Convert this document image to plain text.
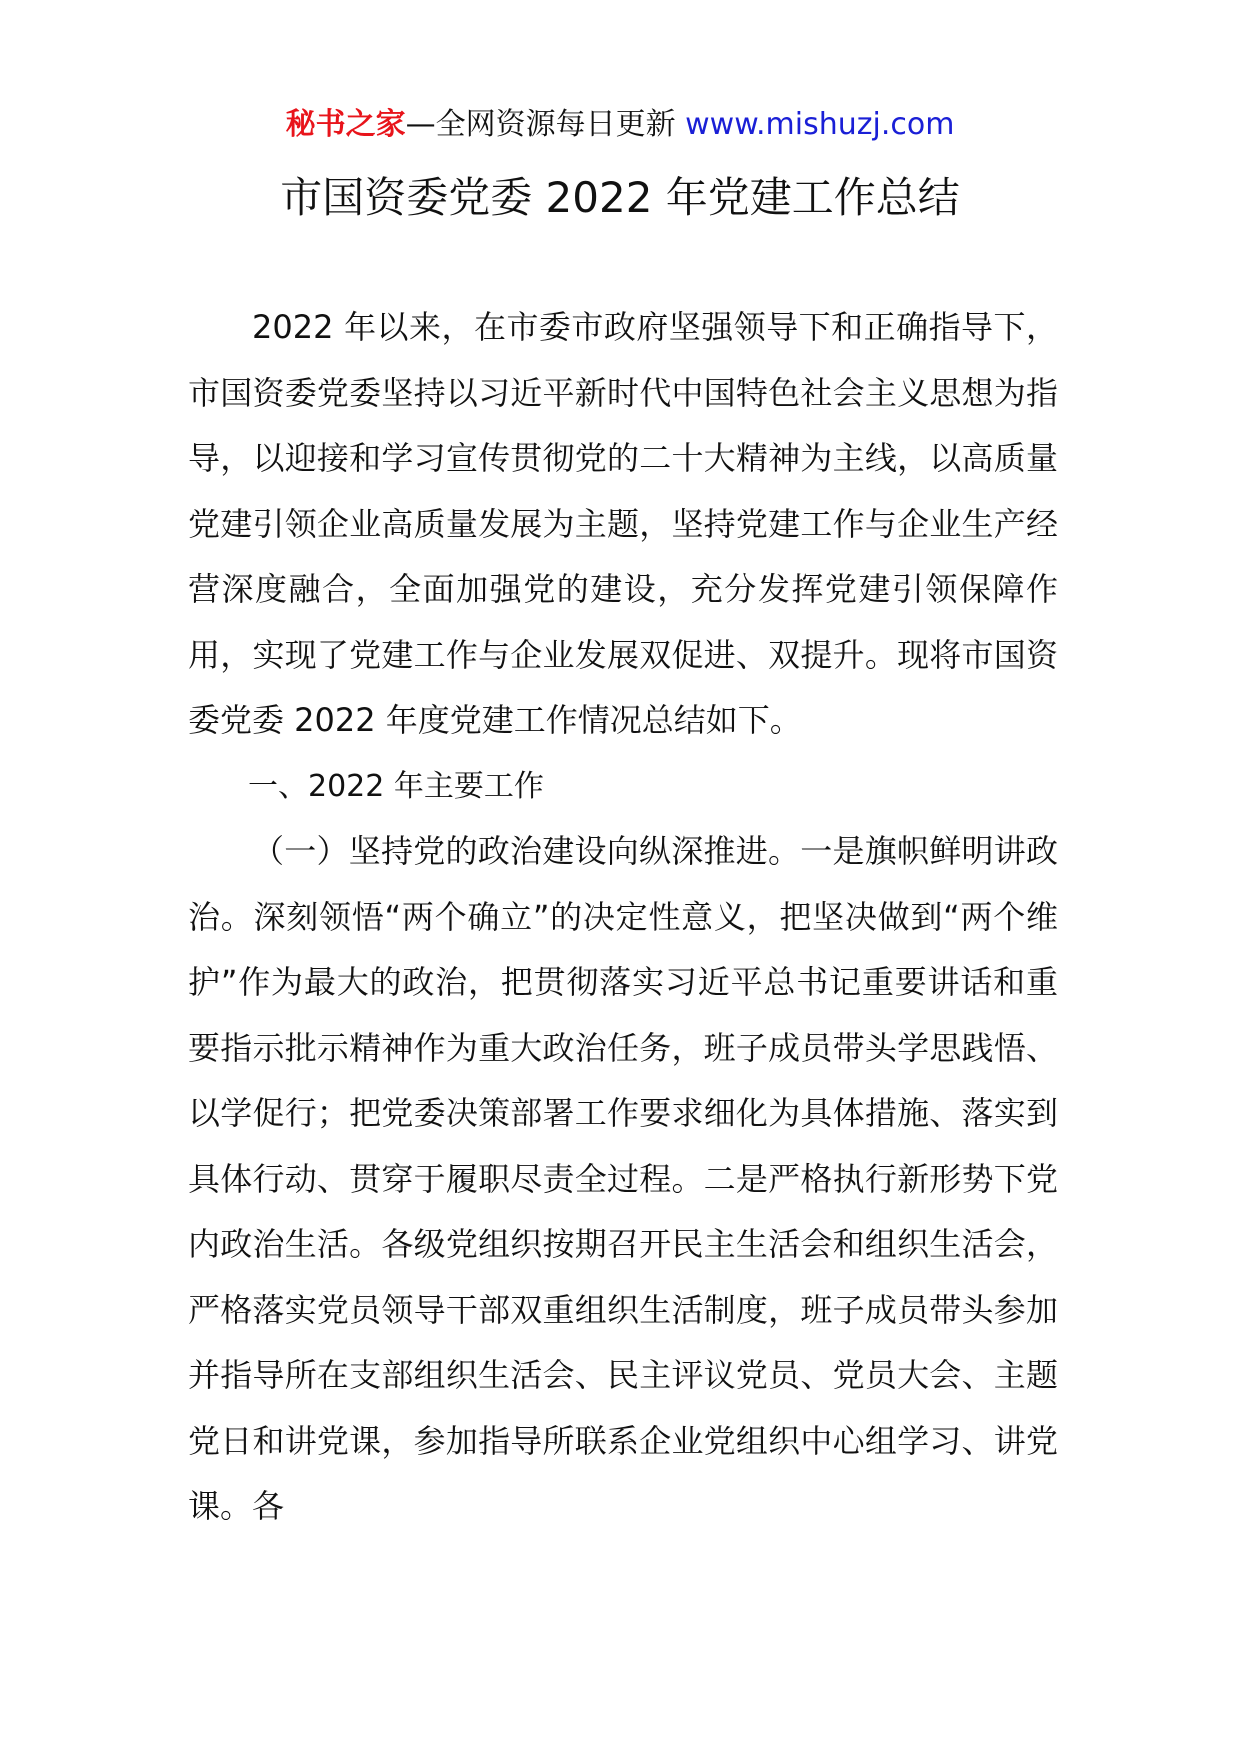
秘书之家—全网资源每日更新 www.mishuzj.com
市国资委党委 2022 年党建工作总结

2022 年以来，在市委市政府坚强领导下和正确指导下，市国资委党委坚持以习近平新时代中国特色社会主义思想为指导，以迎接和学习宣传贯彻党的二十大精神为主线，以高质量党建引领企业高质量发展为主题，坚持党建工作与企业生产经营深度融合，全面加强党的建设，充分发挥党建引领保障作用，实现了党建工作与企业发展双促进、双提升。现将市国资委党委 2022 年度党建工作情况总结如下。

一、2022 年主要工作

（一）坚持党的政治建设向纵深推进。一是旗帜鲜明讲政治。深刻领悟“两个确立”的决定性意义，把坚决做到“两个维护”作为最大的政治，把贯彻落实习近平总书记重要讲话和重要指示批示精神作为重大政治任务，班子成员带头学思践悟、以学促行；把党委决策部署工作要求细化为具体措施、落实到具体行动、贯穿于履职尽责全过程。二是严格执行新形势下党内政治生活。各级党组织按期召开民主生活会和组织生活会，严格落实党员领导干部双重组织生活制度，班子成员带头参加并指导所在支部组织生活会、民主评议党员、党员大会、主题党日和讲党课，参加指导所联系企业党组织中心组学习、讲党课。各
